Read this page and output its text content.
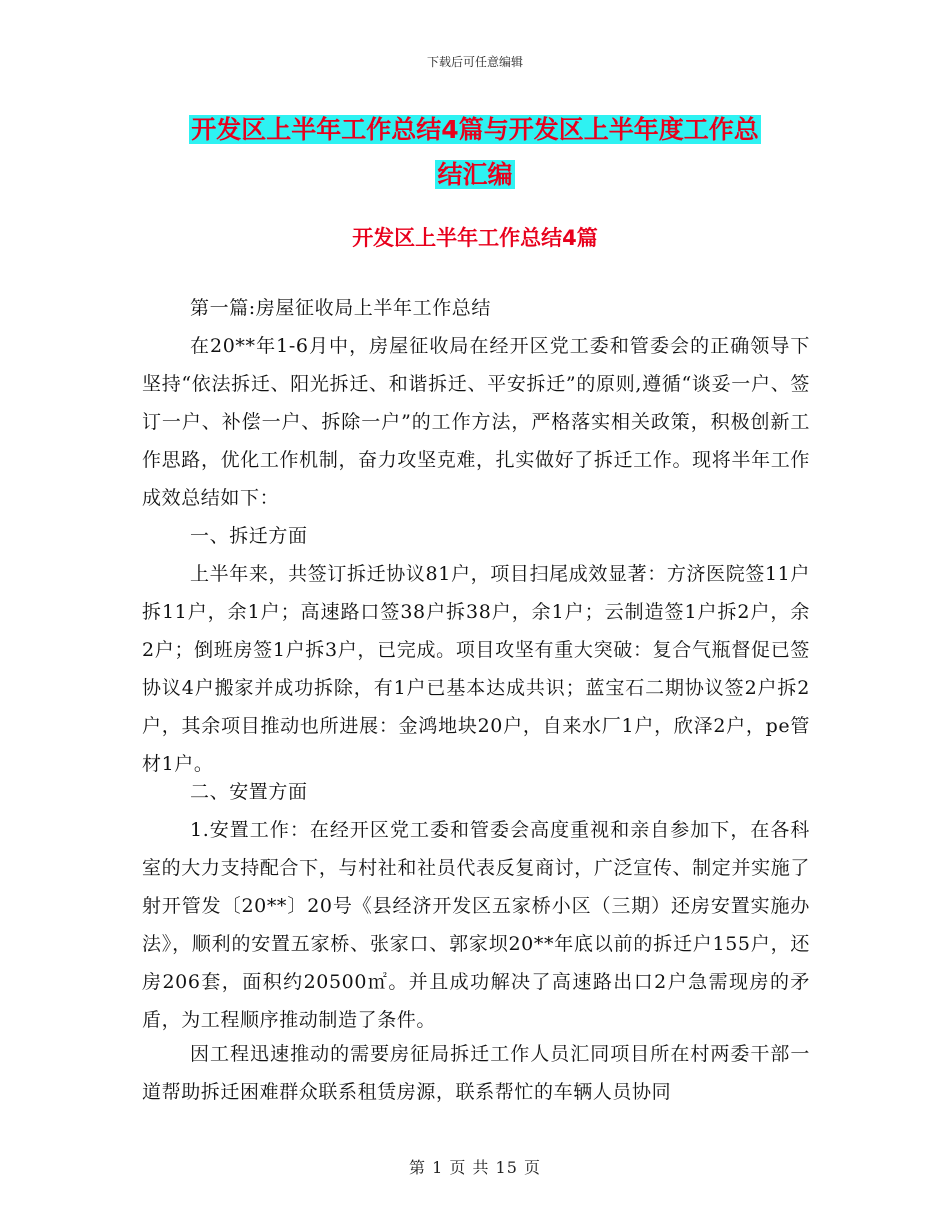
下载后可任意编辑
开发区上半年工作总结4篇与开发区上半年度工作总
结汇编
开发区上半年工作总结4篇

第一篇:房屋征收局上半年工作总结

在20**年1-6月中，房屋征收局在经开区党工委和管委会的正确领导下坚持“依法拆迁、阳光拆迁、和谐拆迁、平安拆迁”的原则,遵循“谈妥一户、签订一户、补偿一户、拆除一户”的工作方法，严格落实相关政策，积极创新工作思路，优化工作机制，奋力攻坚克难，扎实做好了拆迁工作。现将半年工作成效总结如下：

一、拆迁方面

上半年来，共签订拆迁协议81户，项目扫尾成效显著：方济医院签11户拆11户，余1户；高速路口签38户拆38户，余1户；云制造签1户拆2户，余2户；倒班房签1户拆3户，已完成。项目攻坚有重大突破：复合气瓶督促已签协议4户搬家并成功拆除，有1户已基本达成共识；蓝宝石二期协议签2户拆2户，其余项目推动也所进展：金鸿地块20户，自来水厂1户，欣泽2户，pe管材1户。

二、安置方面

1.安置工作：在经开区党工委和管委会高度重视和亲自参加下，在各科室的大力支持配合下，与村社和社员代表反复商讨，广泛宣传、制定并实施了射开管发〔20**〕20号《县经济开发区五家桥小区（三期）还房安置实施办法》，顺利的安置五家桥、张家口、郭家坝20**年底以前的拆迁户155户，还房206套，面积约20500㎡。并且成功解决了高速路出口2户急需现房的矛盾，为工程顺序推动制造了条件。

因工程迅速推动的需要房征局拆迁工作人员汇同项目所在村两委干部一道帮助拆迁困难群众联系租赁房源，联系帮忙的车辆人员协同

第 1 页 共 15 页
